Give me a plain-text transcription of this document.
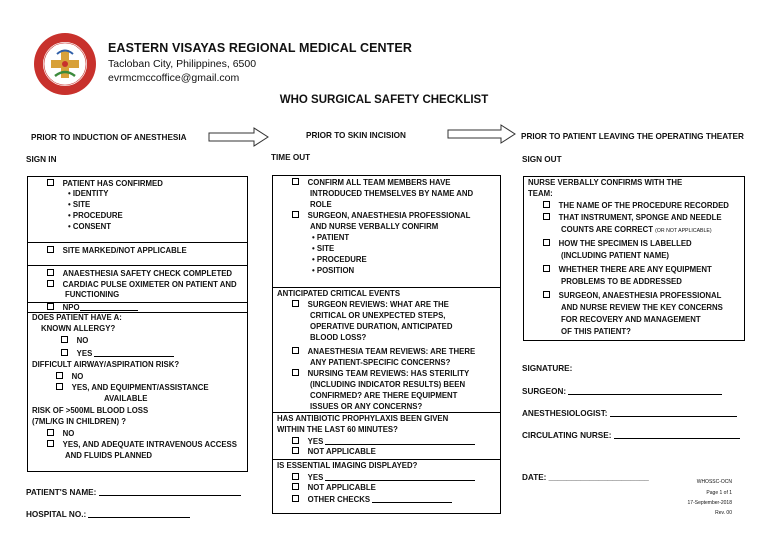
EASTERN VISAYAS REGIONAL MEDICAL CENTER
Tacloban City, Philippines, 6500
evrmcmccoffice@gmail.com
WHO SURGICAL SAFETY CHECKLIST
PRIOR TO INDUCTION OF ANESTHESIA	PRIOR TO SKIN INCISION	PRIOR TO PATIENT LEAVING THE OPERATING THEATER
SIGN IN	TIME OUT	SIGN OUT
PATIENT HAS CONFIRMED
• IDENTITY
• SITE
• PROCEDURE
• CONSENT
SITE MARKED/NOT APPLICABLE
ANAESTHESIA SAFETY CHECK COMPLETED
CARDIAC PULSE OXIMETER ON PATIENT AND
FUNCTIONING
NPO
DOES PATIENT HAVE A:
KNOWN ALLERGY?
NO
YES
DIFFICULT AIRWAY/ASPIRATION RISK?
NO
YES, AND EQUIPMENT/ASSISTANCE
AVAILABLE
RISK OF >500ML BLOOD LOSS
(7ML/KG IN CHILDREN) ?
NO
YES, AND ADEQUATE INTRAVENOUS ACCESS
AND FLUIDS PLANNED
CONFIRM ALL TEAM MEMBERS HAVE
INTRODUCED THEMSELVES BY NAME AND
ROLE
SURGEON, ANAESTHESIA PROFESSIONAL
AND NURSE VERBALLY CONFIRM
• PATIENT
• SITE
• PROCEDURE
• POSITION
ANTICIPATED CRITICAL EVENTS
SURGEON REVIEWS: WHAT ARE THE
CRITICAL OR UNEXPECTED STEPS,
OPERATIVE DURATION, ANTICIPATED
BLOOD LOSS?
ANAESTHESIA TEAM REVIEWS: ARE THERE
ANY PATIENT-SPECIFIC CONCERNS?
NURSING TEAM REVIEWS: HAS STERILITY
(INCLUDING INDICATOR RESULTS) BEEN
CONFIRMED? ARE THERE EQUIPMENT
ISSUES OR ANY CONCERNS?
HAS ANTIBIOTIC PROPHYLAXIS BEEN GIVEN
WITHIN THE LAST 60 MINUTES?
YES
NOT APPLICABLE
IS ESSENTIAL IMAGING DISPLAYED?
YES
NOT APPLICABLE
OTHER CHECKS
NURSE VERBALLY CONFIRMS WITH THE
TEAM:
THE NAME OF THE PROCEDURE RECORDED
THAT INSTRUMENT, SPONGE AND NEEDLE
COUNTS ARE CORRECT (OR NOT APPLICABLE)
HOW THE SPECIMEN IS LABELLED
(INCLUDING PATIENT NAME)
WHETHER THERE ARE ANY EQUIPMENT
PROBLEMS TO BE ADDRESSED
SURGEON, ANAESTHESIA PROFESSIONAL
AND NURSE REVIEW THE KEY CONCERNS
FOR RECOVERY AND MANAGEMENT
OF THIS PATIENT?
SIGNATURE:
SURGEON:
ANESTHESIOLOGIST:
CIRCULATING NURSE:
DATE: ______________________
PATIENT'S NAME:
HOSPITAL NO.:
WHOSSC-OCN
Page 1 of 1
17-September-2018
Rev. 00
